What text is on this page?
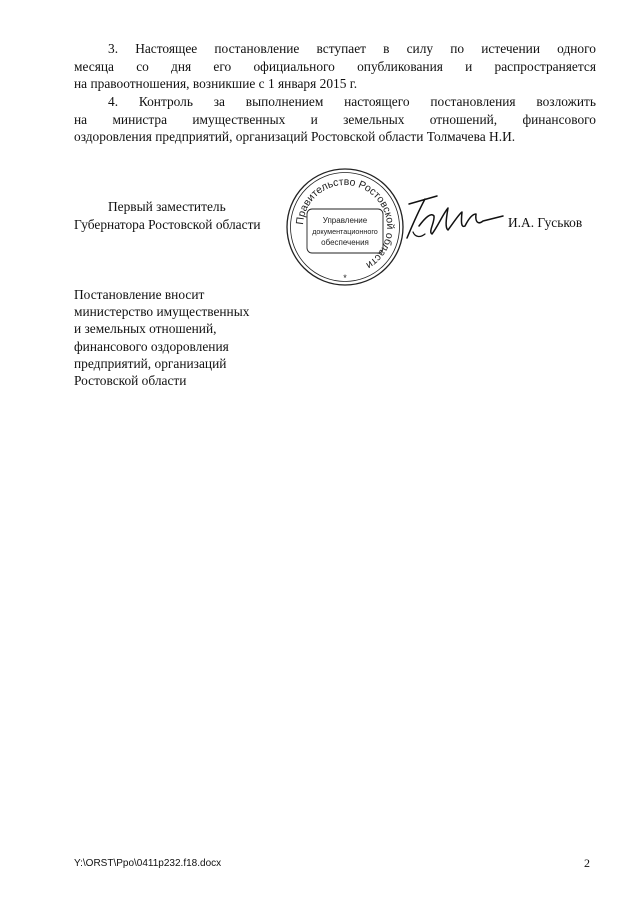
3. Настоящее постановление вступает в силу по истечении одного
месяца со дня его официального опубликования и распространяется
на правоотношения, возникшие с 1 января 2015 г.
4. Контроль за выполнением настоящего постановления возложить
на министра имущественных и земельных отношений, финансового
оздоровления предприятий, организаций Ростовской области Толмачева Н.И.
Первый заместитель
Губернатора Ростовской области	Правительство Ростовской области
Управление
документационного
обеспечения
*
И.А. Гуськов
Постановление вносит
министерство имущественных
и земельных отношений,
финансового оздоровления
предприятий, организаций
Ростовской области
Y:\ORST\Ppo\0411p232.f18.docx	2
